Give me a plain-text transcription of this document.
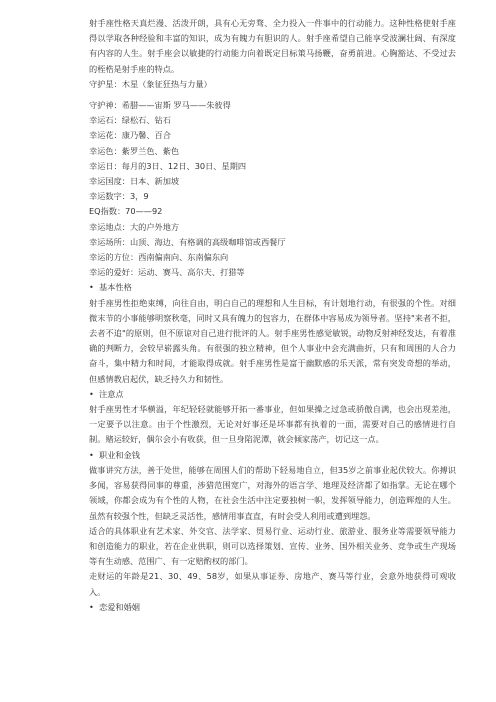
射手座性格天真烂漫、活泼开朗，具有心无旁骛、全力投入一件事中的行动能力。这种性格使射手座得以学取各种经验和丰富的知识，成为有魄力有胆识的人。射手座希望自己能享受波澜壮阔、有深度有内容的人生。射手座会以敏捷的行动能力向着既定目标策马扬鞭，奋勇前进。心胸豁达、不受过去的桎梏是射手座的特点。

守护星：木星（象征狂热与力量）

守护神：希腊——宙斯 罗马——朱彼得

幸运石：绿松石、钻石

幸运花：康乃馨、百合

幸运色：紫罗兰色、紫色

幸运日：每月的3日、12日、30日、星期四

幸运国度：日本、新加坡

幸运数字：3，9

EQ指数：70——92

幸运地点：大的户外地方

幸运场所：山顶、海边、有格调的高级咖啡馆或西餐厅

幸运的方位：西南偏南向、东南偏东向

幸运的爱好：运动、赛马、高尔夫、打猎等

• 基本性格

射手座男性拒绝束缚，向往自由，明白自己的理想和人生目标，有计划地行动，有很强的个性。对细微末节的小事能够明察秋毫，同时又具有魄力的包容力，在群体中容易成为领导者。坚持"来者不拒，去者不追"的原则，但不原谅对自己进行批评的人。射手座男性感觉敏锐，动物反射神经发达，有着准确的判断力，会较早崭露头角。有很强的独立精神，但个人事业中会充满曲折，只有和周围的人合力奋斗，集中精力和时间，才能取得成就。射手座男性是富于幽默感的乐天派，常有突发奇想的举动，但感情教启起伏，缺乏持久力和韧性。

• 注意点

射手座男性才华横溢，年纪轻轻就能够开拓一番事业，但如果操之过急或骄傲自满，也会出现差池，一定要予以注意。由于个性激烈，无论对好事还是坏事都有执着的一面，需要对自己的感情进行自制。赌运较好，偶尔会小有收获，但一旦身陷泥潭，就会倾家荡产，切记这一点。

• 职业和金钱

做事讲究方法，善于处世，能够在周围人们的帮助下轻易地自立，但35岁之前事业起伏较大。你搏识多闻，容易获得同事的尊重，涉猎范围宽广，对海外的语言学、地理及经济都了如指掌。无论在哪个领域，你都会成为有个性的人物，在社会生活中注定要独树一帜，发挥领导能力，创造辉煌的人生。虽然有较强个性，但缺乏灵活性，感情用事直直，有时会受人利用或遭到埋怨。

适合的具体职业有艺术家、外交官、法学家、贸易行业、运动行业、旅游业、服务业等需要领导能力和创造能力的职业，若在企业供职，则可以选择策划、宣传、业务、国外相关业务、竞争或生产现场等有生动感、范围广、有一定赔酌权的部门。

走财运的年龄是21、30、49、58岁，如果从事证券、房地产、赛马等行业，会意外地获得可观收入。

• 恋爱和婚姻
